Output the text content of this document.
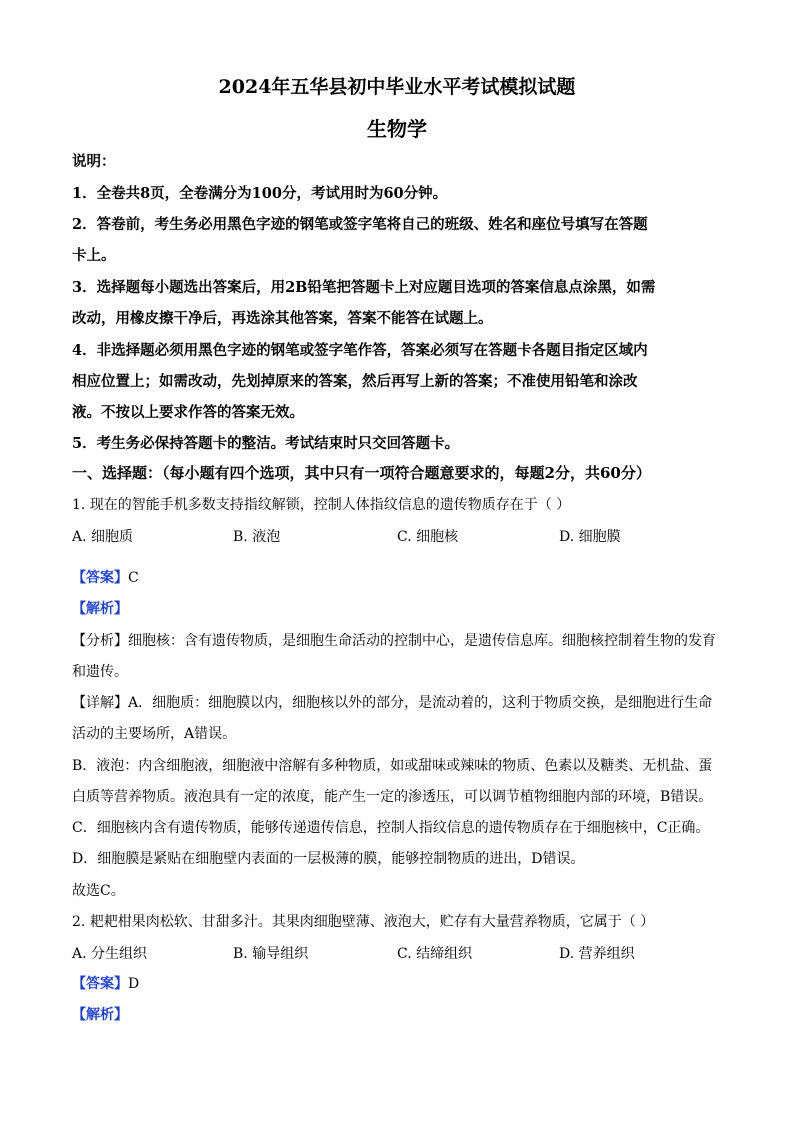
2024年五华县初中毕业水平考试模拟试题
生物学
说明：
1．全卷共8页，全卷满分为100分，考试用时为60分钟。
2．答卷前，考生务必用黑色字迹的钢笔或签字笔将自己的班级、姓名和座位号填写在答题
卡上。
3．选择题每小题选出答案后，用2B铅笔把答题卡上对应题目选项的答案信息点涂黑，如需
改动，用橡皮擦干净后，再选涂其他答案，答案不能答在试题上。
4．非选择题必须用黑色字迹的钢笔或签字笔作答，答案必须写在答题卡各题目指定区域内
相应位置上；如需改动，先划掉原来的答案，然后再写上新的答案；不准使用铅笔和涂改
液。不按以上要求作答的答案无效。
5．考生务必保持答题卡的整洁。考试结束时只交回答题卡。
一、选择题：（每小题有四个选项，其中只有一项符合题意要求的，每题2分，共60分）
1. 现在的智能手机多数支持指纹解锁，控制人体指纹信息的遗传物质存在于（ ）
A. 细胞质	B. 液泡	C. 细胞核	D. 细胞膜
【答案】C
【解析】
【分析】细胞核：含有遗传物质，是细胞生命活动的控制中心，是遗传信息库。细胞核控制着生物的发育
和遗传。
【详解】A．细胞质：细胞膜以内，细胞核以外的部分，是流动着的，这利于物质交换，是细胞进行生命
活动的主要场所，A错误。
B．液泡：内含细胞液，细胞液中溶解有多种物质，如或甜味或辣味的物质、色素以及糖类、无机盐、蛋
白质等营养物质。液泡具有一定的浓度，能产生一定的渗透压，可以调节植物细胞内部的环境，B错误。
C．细胞核内含有遗传物质，能够传递遗传信息，控制人指纹信息的遗传物质存在于细胞核中，C正确。
D．细胞膜是紧贴在细胞壁内表面的一层极薄的膜，能够控制物质的进出，D错误。
故选C。
2. 耙耙柑果肉松软、甘甜多汁。其果肉细胞壁薄、液泡大，贮存有大量营养物质，它属于（ ）
A. 分生组织	B. 输导组织	C. 结缔组织	D. 营养组织
【答案】D
【解析】
